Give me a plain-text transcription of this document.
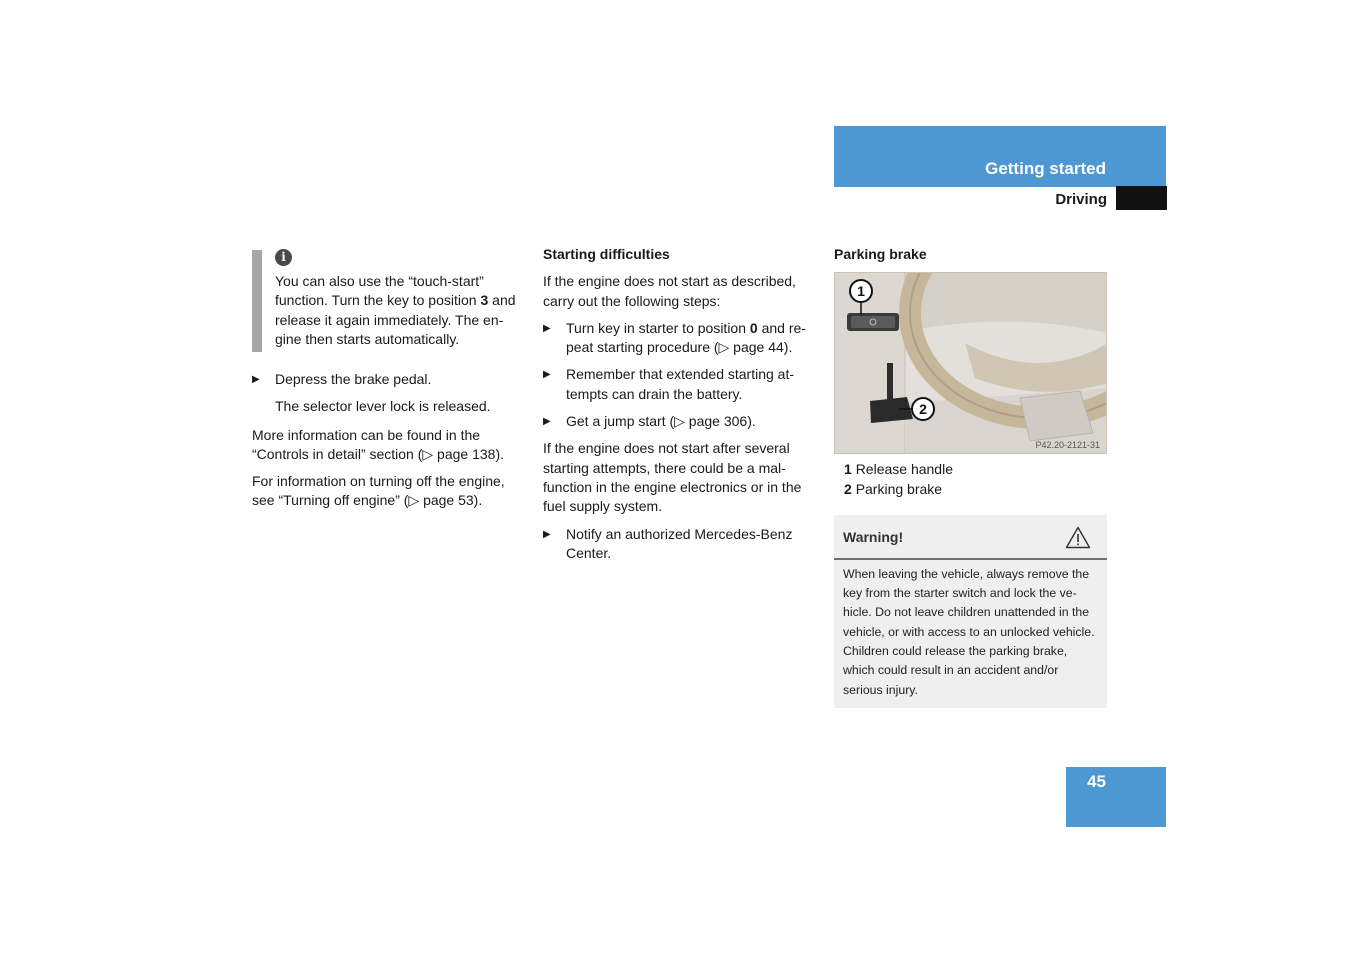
Getting started
Driving
i

You can also use the “touch-start” function. Turn the key to position 3 and release it again immediately. The en-gine then starts automatically.

▶ Depress the brake pedal.

The selector lever lock is released.

More information can be found in the “Controls in detail” section (▷ page 138).

For information on turning off the engine, see “Turning off engine” (▷ page 53).

Starting difficulties

If the engine does not start as described, carry out the following steps:

▶ Turn key in starter to position 0 and re-peat starting procedure (▷ page 44).
▶ Remember that extended starting at-tempts can drain the battery.
▶ Get a jump start (▷ page 306).

If the engine does not start after several starting attempts, there could be a mal-function in the engine electronics or in the fuel supply system.

▶ Notify an authorized Mercedes-Benz Center.

Parking brake

1
2
P42.20-2121-31
1 Release handle
2 Parking brake
Warning!

When leaving the vehicle, always remove the key from the starter switch and lock the ve-hicle. Do not leave children unattended in the vehicle, or with access to an unlocked vehicle. Children could release the parking brake, which could result in an accident and/or serious injury.

45
